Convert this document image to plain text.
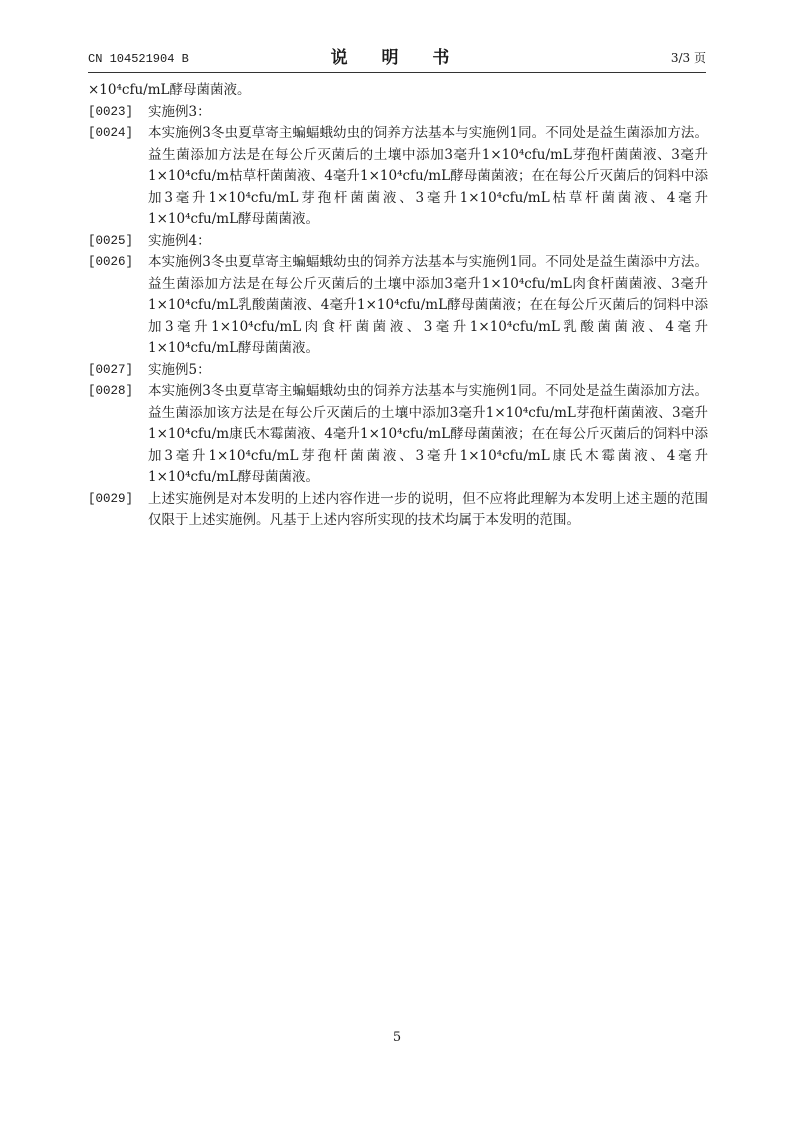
CN 104521904 B	说 明 书	3/3 页
×10⁴cfu/mL酵母菌菌液。
[0023] 实施例3：
[0024] 本实施例3冬虫夏草寄主蝙蝠蛾幼虫的饲养方法基本与实施例1同。不同处是益生菌添加方法。益生菌添加方法是在每公斤灭菌后的土壤中添加3毫升1×10⁴cfu/mL芽孢杆菌菌液、3毫升1×10⁴cfu/m枯草杆菌菌液、4毫升1×10⁴cfu/mL酵母菌菌液；在在每公斤灭菌后的饲料中添加3毫升1×10⁴cfu/mL芽孢杆菌菌液、3毫升1×10⁴cfu/mL枯草杆菌菌液、4毫升1×10⁴cfu/mL酵母菌菌液。
[0025] 实施例4：
[0026] 本实施例3冬虫夏草寄主蝙蝠蛾幼虫的饲养方法基本与实施例1同。不同处是益生菌添中方法。益生菌添加方法是在每公斤灭菌后的土壤中添加3毫升1×10⁴cfu/mL肉食杆菌菌液、3毫升1×10⁴cfu/mL乳酸菌菌液、4毫升1×10⁴cfu/mL酵母菌菌液；在在每公斤灭菌后的饲料中添加3毫升1×10⁴cfu/mL肉食杆菌菌液、3毫升1×10⁴cfu/mL乳酸菌菌液、4毫升1×10⁴cfu/mL酵母菌菌液。
[0027] 实施例5：
[0028] 本实施例3冬虫夏草寄主蝙蝠蛾幼虫的饲养方法基本与实施例1同。不同处是益生菌添加方法。益生菌添加该方法是在每公斤灭菌后的土壤中添加3毫升1×10⁴cfu/mL芽孢杆菌菌液、3毫升1×10⁴cfu/m康氏木霉菌液、4毫升1×10⁴cfu/mL酵母菌菌液；在在每公斤灭菌后的饲料中添加3毫升1×10⁴cfu/mL芽孢杆菌菌液、3毫升1×10⁴cfu/mL康氏木霉菌液、4毫升1×10⁴cfu/mL酵母菌菌液。
[0029] 上述实施例是对本发明的上述内容作进一步的说明，但不应将此理解为本发明上述主题的范围仅限于上述实施例。凡基于上述内容所实现的技术均属于本发明的范围。
5
